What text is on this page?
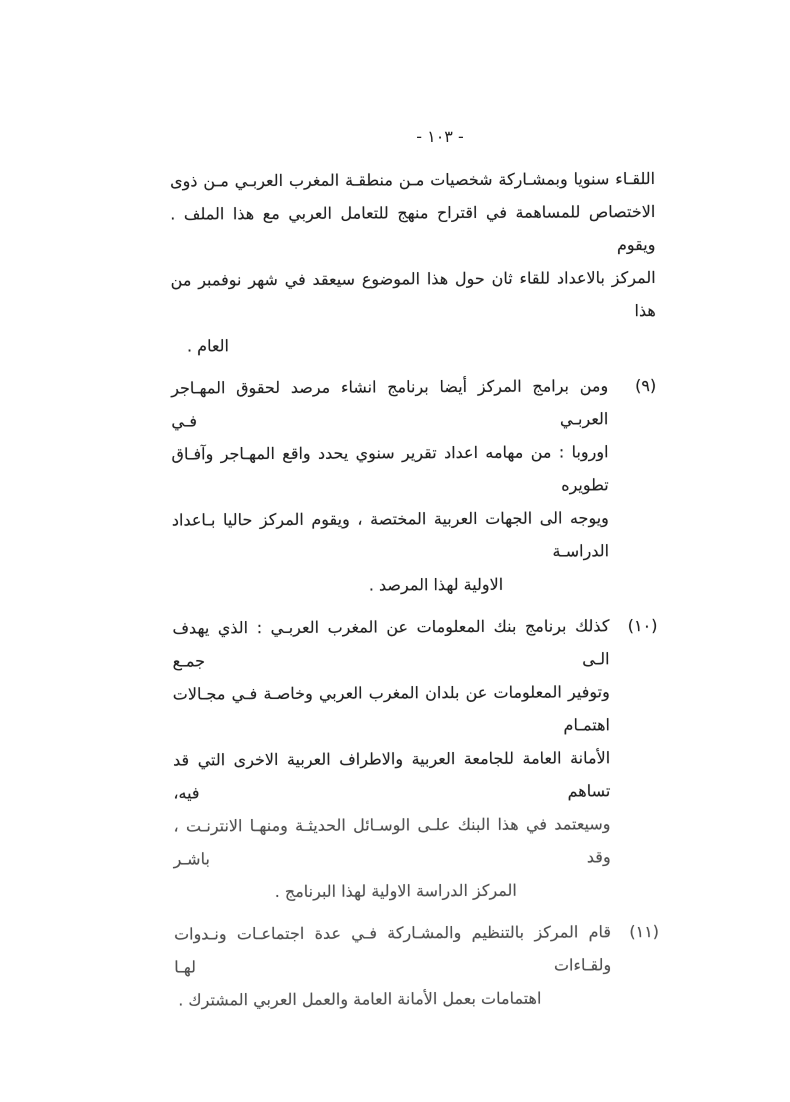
- ١٠٣ -
اللقـاء سنويا وبمشـاركة شخصيات مـن منطقـة المغرب العربـي مـن ذوى
الاختصاص للمساهمة في اقتراح منهج للتعامل العربي مع هذا الملف . ويقوم
المركز بالاعداد للقاء ثان حول هذا الموضوع سيعقد في شهر نوفمبر من هذا
العام .
(٩)
ومن برامج المركز أيضا برنامج انشاء مرصد لحقوق المهـاجر العربـي فـي
اوروبا : من مهامه اعداد تقرير سنوي يحدد واقع المهـاجر وآفـاق تطويره
ويوجه الى الجهات العربية المختصة ، ويقوم المركز حاليا بـاعداد الدراسـة
الاولية لهذا المرصد .
(١٠)
كذلك برنامج بنك المعلومات عن المغرب العربـي : الذي يهدف الـى جمـع
وتوفير المعلومات عن بلدان المغرب العربي وخاصـة فـي مجـالات اهتمـام
الأمانة العامة للجامعة العربية والاطراف العربية الاخرى التي قد تساهم فيه،
وسيعتمد في هذا البنك علـى الوسـائل الحديثـة ومنهـا الانترنـت ، وقد باشـر
المركز الدراسة الاولية لهذا البرنامج .
(١١)
قام المركز بالتنظيم والمشـاركة فـي عدة اجتماعـات ونـدوات ولقـاءات لهـا
اهتمامات بعمل الأمانة العامة والعمل العربي المشترك .
